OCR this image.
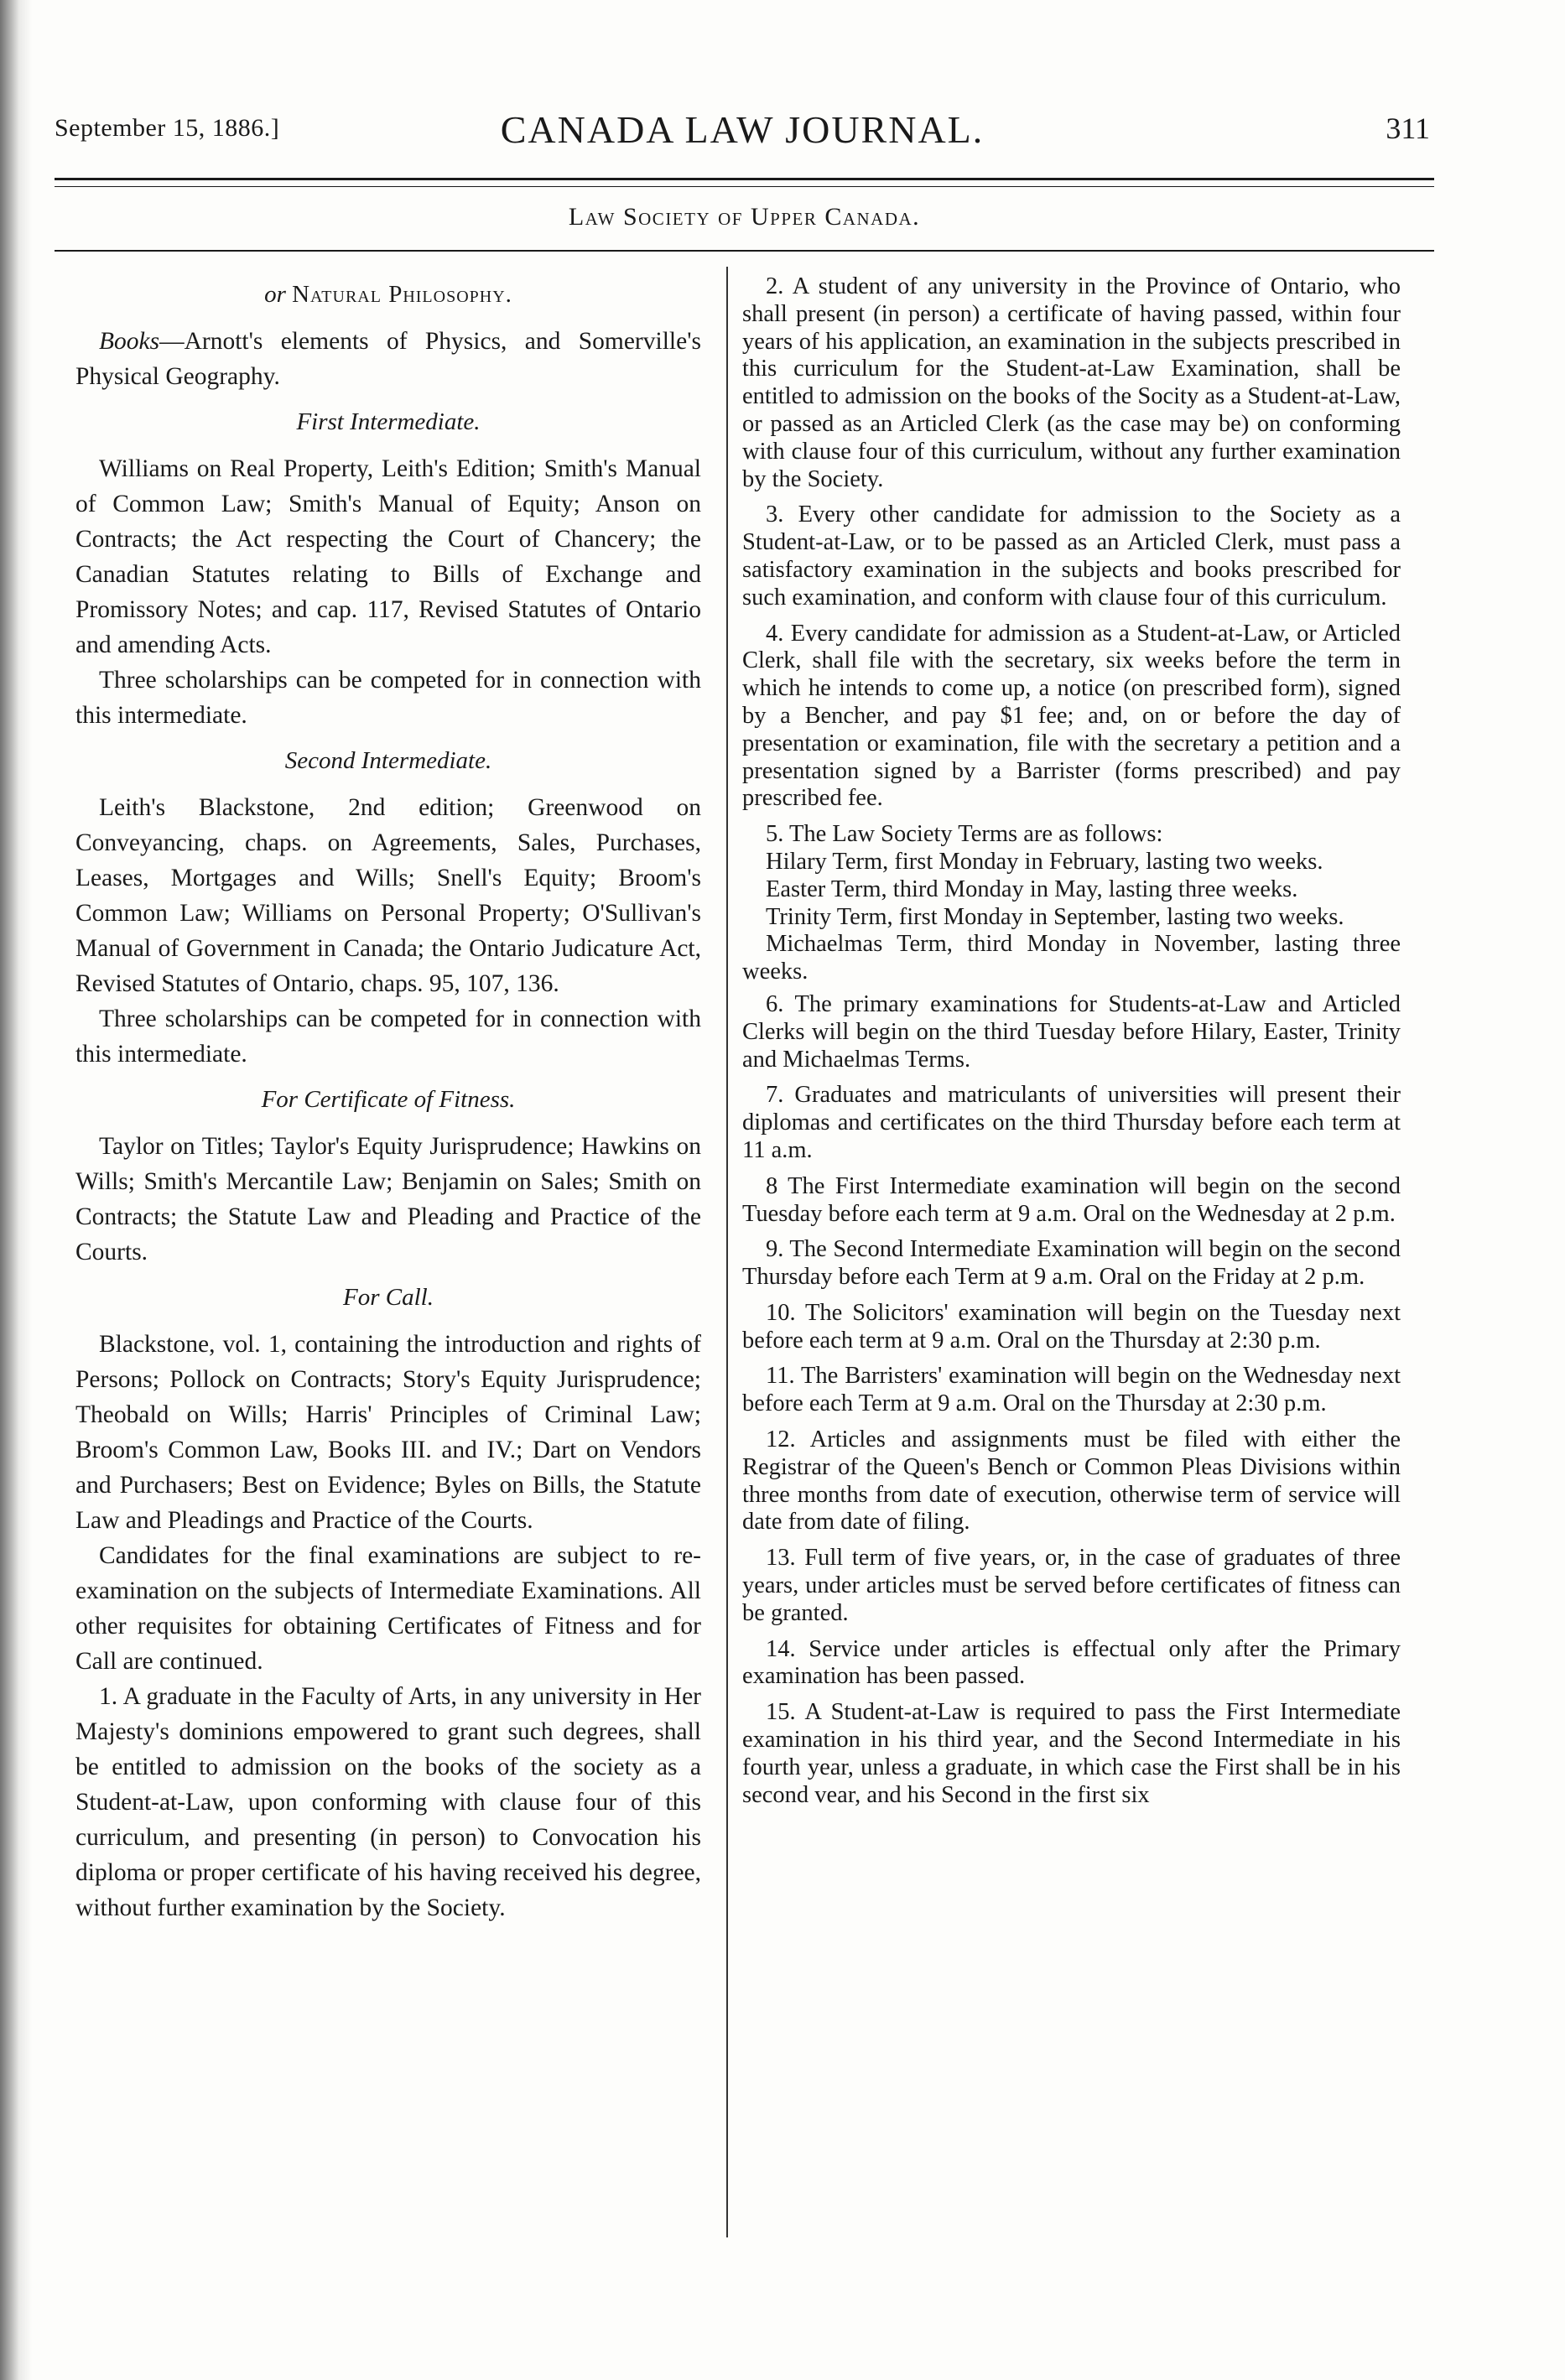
September 15, 1886.]	CANADA LAW JOURNAL.	311
Law Society of Upper Canada.
or Natural Philosophy.

Books—Arnott's elements of Physics, and Somerville's Physical Geography.

First Intermediate.

Williams on Real Property, Leith's Edition; Smith's Manual of Common Law; Smith's Manual of Equity; Anson on Contracts; the Act respecting the Court of Chancery; the Canadian Statutes relating to Bills of Exchange and Promissory Notes; and cap. 117, Revised Statutes of Ontario and amending Acts.

Three scholarships can be competed for in connection with this intermediate.

Second Intermediate.

Leith's Blackstone, 2nd edition; Greenwood on Conveyancing, chaps. on Agreements, Sales, Purchases, Leases, Mortgages and Wills; Snell's Equity; Broom's Common Law; Williams on Personal Property; O'Sullivan's Manual of Government in Canada; the Ontario Judicature Act, Revised Statutes of Ontario, chaps. 95, 107, 136.

Three scholarships can be competed for in connection with this intermediate.

For Certificate of Fitness.

Taylor on Titles; Taylor's Equity Jurisprudence; Hawkins on Wills; Smith's Mercantile Law; Benjamin on Sales; Smith on Contracts; the Statute Law and Pleading and Practice of the Courts.

For Call.

Blackstone, vol. 1, containing the introduction and rights of Persons; Pollock on Contracts; Story's Equity Jurisprudence; Theobald on Wills; Harris' Principles of Criminal Law; Broom's Common Law, Books III. and IV.; Dart on Vendors and Purchasers; Best on Evidence; Byles on Bills, the Statute Law and Pleadings and Practice of the Courts.

Candidates for the final examinations are subject to re-examination on the subjects of Intermediate Examinations. All other requisites for obtaining Certificates of Fitness and for Call are continued.

1. A graduate in the Faculty of Arts, in any university in Her Majesty's dominions empowered to grant such degrees, shall be entitled to admission on the books of the society as a Student-at-Law, upon conforming with clause four of this curriculum, and presenting (in person) to Convocation his diploma or proper certificate of his having received his degree, without further examination by the Society.

2. A student of any university in the Province of Ontario, who shall present (in person) a certificate of having passed, within four years of his application, an examination in the subjects prescribed in this curriculum for the Student-at-Law Examination, shall be entitled to admission on the books of the Socity as a Student-at-Law, or passed as an Articled Clerk (as the case may be) on conforming with clause four of this curriculum, without any further examination by the Society.

3. Every other candidate for admission to the Society as a Student-at-Law, or to be passed as an Articled Clerk, must pass a satisfactory examination in the subjects and books prescribed for such examination, and conform with clause four of this curriculum.

4. Every candidate for admission as a Student-at-Law, or Articled Clerk, shall file with the secretary, six weeks before the term in which he intends to come up, a notice (on prescribed form), signed by a Bencher, and pay $1 fee; and, on or before the day of presentation or examination, file with the secretary a petition and a presentation signed by a Barrister (forms prescribed) and pay prescribed fee.

5. The Law Society Terms are as follows:

Hilary Term, first Monday in February, lasting two weeks.

Easter Term, third Monday in May, lasting three weeks.

Trinity Term, first Monday in September, lasting two weeks.

Michaelmas Term, third Monday in November, lasting three weeks.

6. The primary examinations for Students-at-Law and Articled Clerks will begin on the third Tuesday before Hilary, Easter, Trinity and Michaelmas Terms.

7. Graduates and matriculants of universities will present their diplomas and certificates on the third Thursday before each term at 11 a.m.

8 The First Intermediate examination will begin on the second Tuesday before each term at 9 a.m. Oral on the Wednesday at 2 p.m.

9. The Second Intermediate Examination will begin on the second Thursday before each Term at 9 a.m. Oral on the Friday at 2 p.m.

10. The Solicitors' examination will begin on the Tuesday next before each term at 9 a.m. Oral on the Thursday at 2:30 p.m.

11. The Barristers' examination will begin on the Wednesday next before each Term at 9 a.m. Oral on the Thursday at 2:30 p.m.

12. Articles and assignments must be filed with either the Registrar of the Queen's Bench or Common Pleas Divisions within three months from date of execution, otherwise term of service will date from date of filing.

13. Full term of five years, or, in the case of graduates of three years, under articles must be served before certificates of fitness can be granted.

14. Service under articles is effectual only after the Primary examination has been passed.

15. A Student-at-Law is required to pass the First Intermediate examination in his third year, and the Second Intermediate in his fourth year, unless a graduate, in which case the First shall be in his second vear, and his Second in the first six
